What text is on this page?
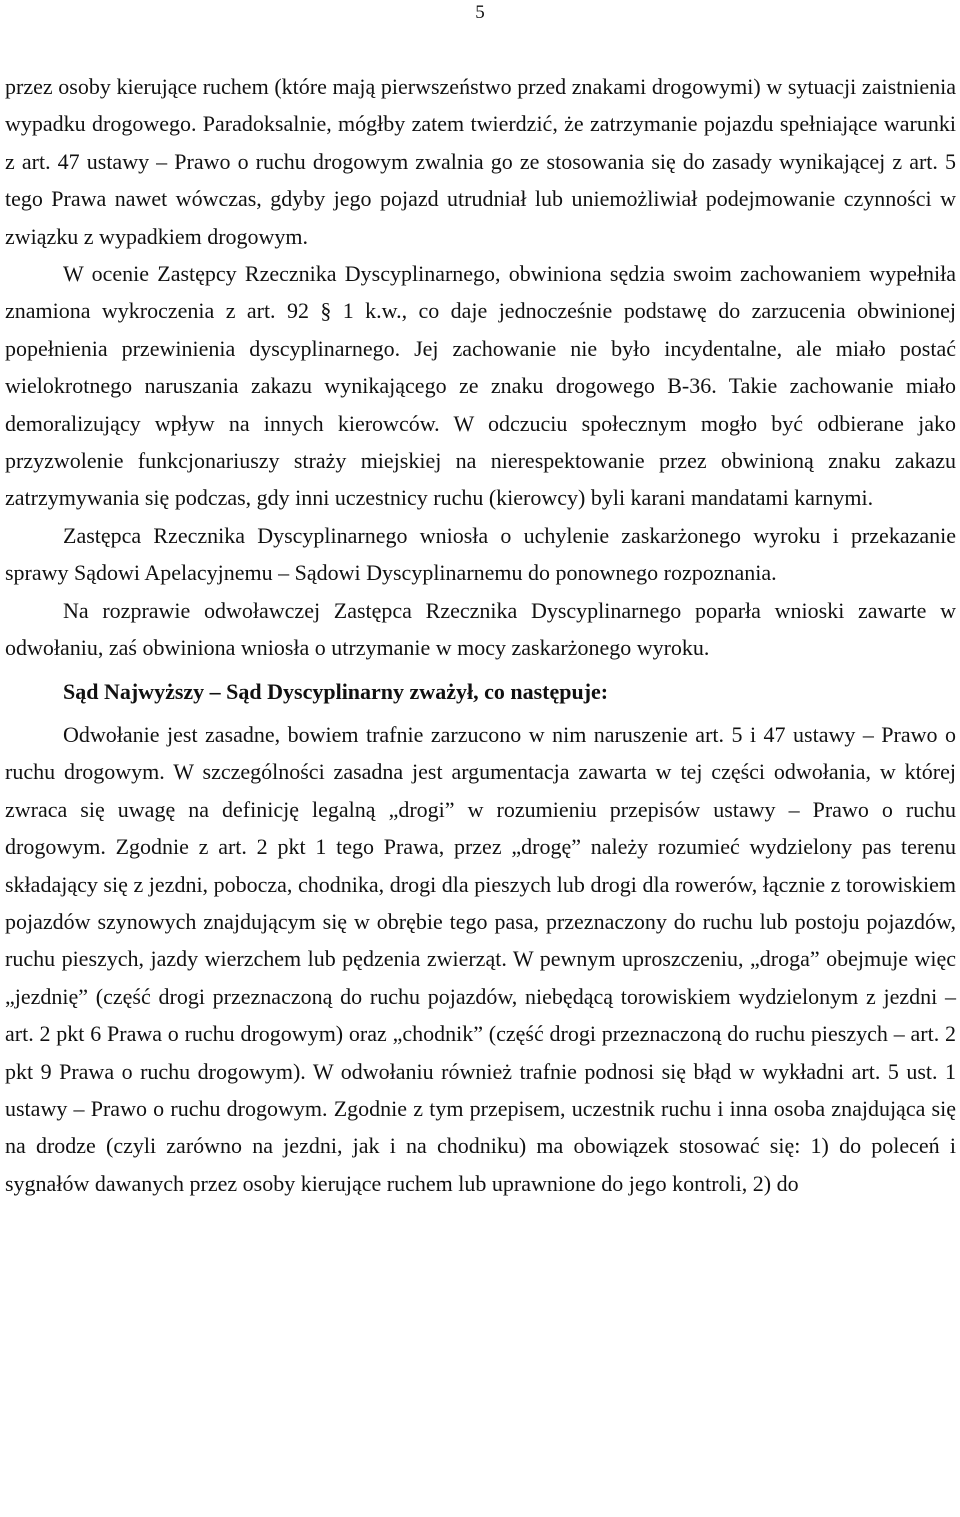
5

przez osoby kierujące ruchem (które mają pierwszeństwo przed znakami drogowymi) w sytuacji zaistnienia wypadku drogowego. Paradoksalnie, mógłby zatem twierdzić, że zatrzymanie pojazdu spełniające warunki z art. 47 ustawy – Prawo o ruchu drogowym zwalnia go ze stosowania się do zasady wynikającej z art. 5 tego Prawa nawet wówczas, gdyby jego pojazd utrudniał lub uniemożliwiał podejmowanie czynności w związku z wypadkiem drogowym.

W ocenie Zastępcy Rzecznika Dyscyplinarnego, obwiniona sędzia swoim zachowaniem wypełniła znamiona wykroczenia z art. 92 § 1 k.w., co daje jednocześnie podstawę do zarzucenia obwinionej popełnienia przewinienia dyscyplinarnego. Jej zachowanie nie było incydentalne, ale miało postać wielokrotnego naruszania zakazu wynikającego ze znaku drogowego B-36. Takie zachowanie miało demoralizujący wpływ na innych kierowców. W odczuciu społecznym mogło być odbierane jako przyzwolenie funkcjonariuszy straży miejskiej na nierespektowanie przez obwinioną znaku zakazu zatrzymywania się podczas, gdy inni uczestnicy ruchu (kierowcy) byli karani mandatami karnymi.

Zastępca Rzecznika Dyscyplinarnego wniosła o uchylenie zaskarżonego wyroku i przekazanie sprawy Sądowi Apelacyjnemu – Sądowi Dyscyplinarnemu do ponownego rozpoznania.

Na rozprawie odwoławczej Zastępca Rzecznika Dyscyplinarnego poparła wnioski zawarte w odwołaniu, zaś obwiniona wniosła o utrzymanie w mocy zaskarżonego wyroku.

Sąd Najwyższy – Sąd Dyscyplinarny zważył, co następuje:

Odwołanie jest zasadne, bowiem trafnie zarzucono w nim naruszenie art. 5 i 47 ustawy – Prawo o ruchu drogowym. W szczególności zasadna jest argumentacja zawarta w tej części odwołania, w której zwraca się uwagę na definicję legalną „drogi” w rozumieniu przepisów ustawy – Prawo o ruchu drogowym. Zgodnie z art. 2 pkt 1 tego Prawa, przez „drogę” należy rozumieć wydzielony pas terenu składający się z jezdni, pobocza, chodnika, drogi dla pieszych lub drogi dla rowerów, łącznie z torowiskiem pojazdów szynowych znajdującym się w obrębie tego pasa, przeznaczony do ruchu lub postoju pojazdów, ruchu pieszych, jazdy wierzchem lub pędzenia zwierząt. W pewnym uproszczeniu, „droga” obejmuje więc „jezdnię” (część drogi przeznaczoną do ruchu pojazdów, niebędącą torowiskiem wydzielonym z jezdni – art. 2 pkt 6 Prawa o ruchu drogowym) oraz „chodnik” (część drogi przeznaczoną do ruchu pieszych – art. 2 pkt 9 Prawa o ruchu drogowym). W odwołaniu również trafnie podnosi się błąd w wykładni art. 5 ust. 1 ustawy – Prawo o ruchu drogowym. Zgodnie z tym przepisem, uczestnik ruchu i inna osoba znajdująca się na drodze (czyli zarówno na jezdni, jak i na chodniku) ma obowiązek stosować się: 1) do poleceń i sygnałów dawanych przez osoby kierujące ruchem lub uprawnione do jego kontroli, 2) do
